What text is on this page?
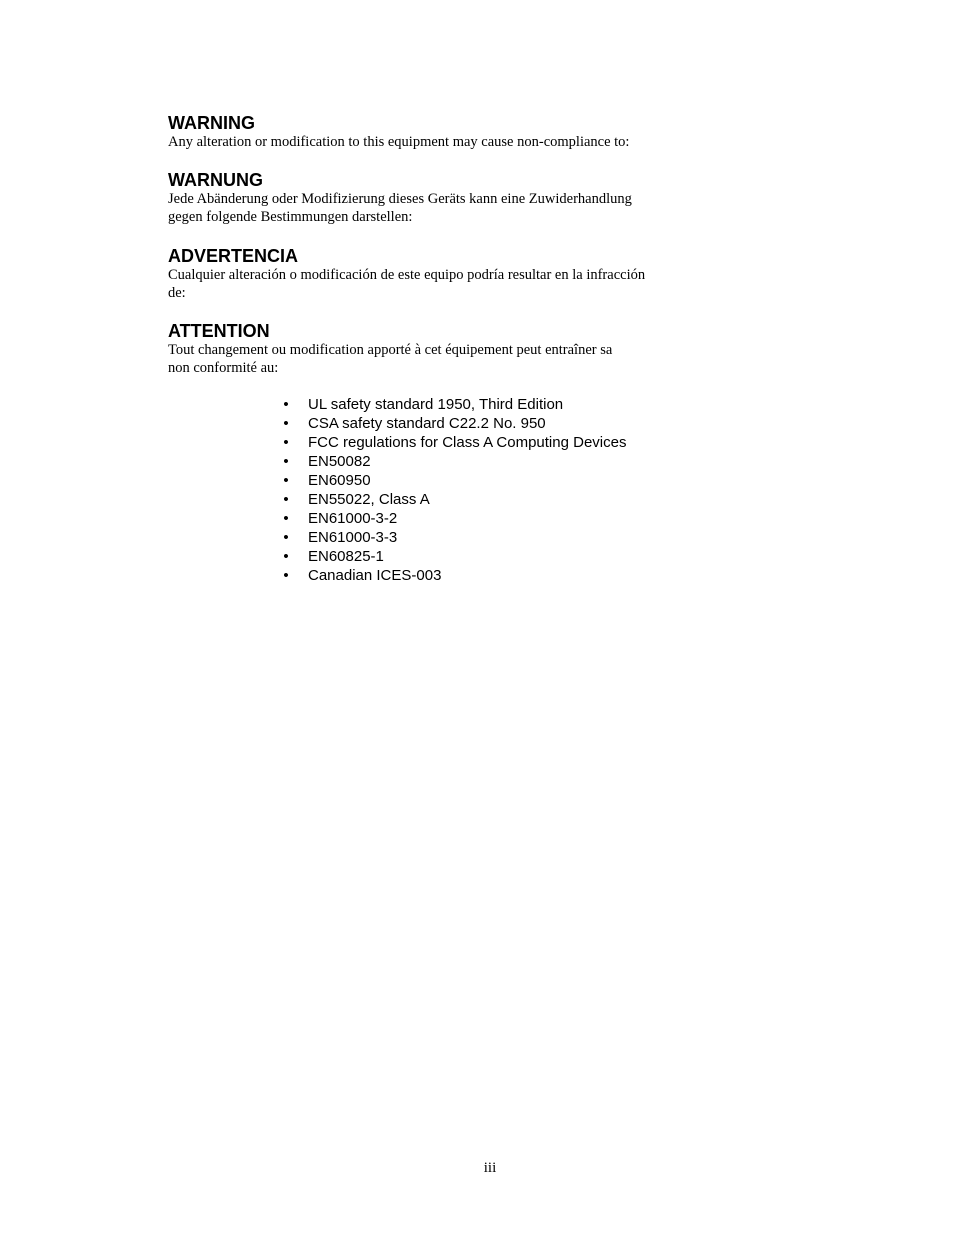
WARNING

Any alteration or modification to this equipment may cause non-compliance to:

WARNUNG

Jede Abänderung oder Modifizierung dieses Geräts kann eine Zuwiderhandlung

gegen folgende Bestimmungen darstellen:

ADVERTENCIA

Cualquier alteración o modificación de este equipo podría resultar en la infracción

de:

ATTENTION

Tout changement ou modification apporté à cet équipement peut entraîner sa

non conformité au:

• UL safety standard 1950, Third Edition
• CSA safety standard C22.2 No. 950
• FCC regulations for Class A Computing Devices
• EN50082
• EN60950
• EN55022, Class A
• EN61000-3-2
• EN61000-3-3
• EN60825-1
• Canadian ICES-003
iii
